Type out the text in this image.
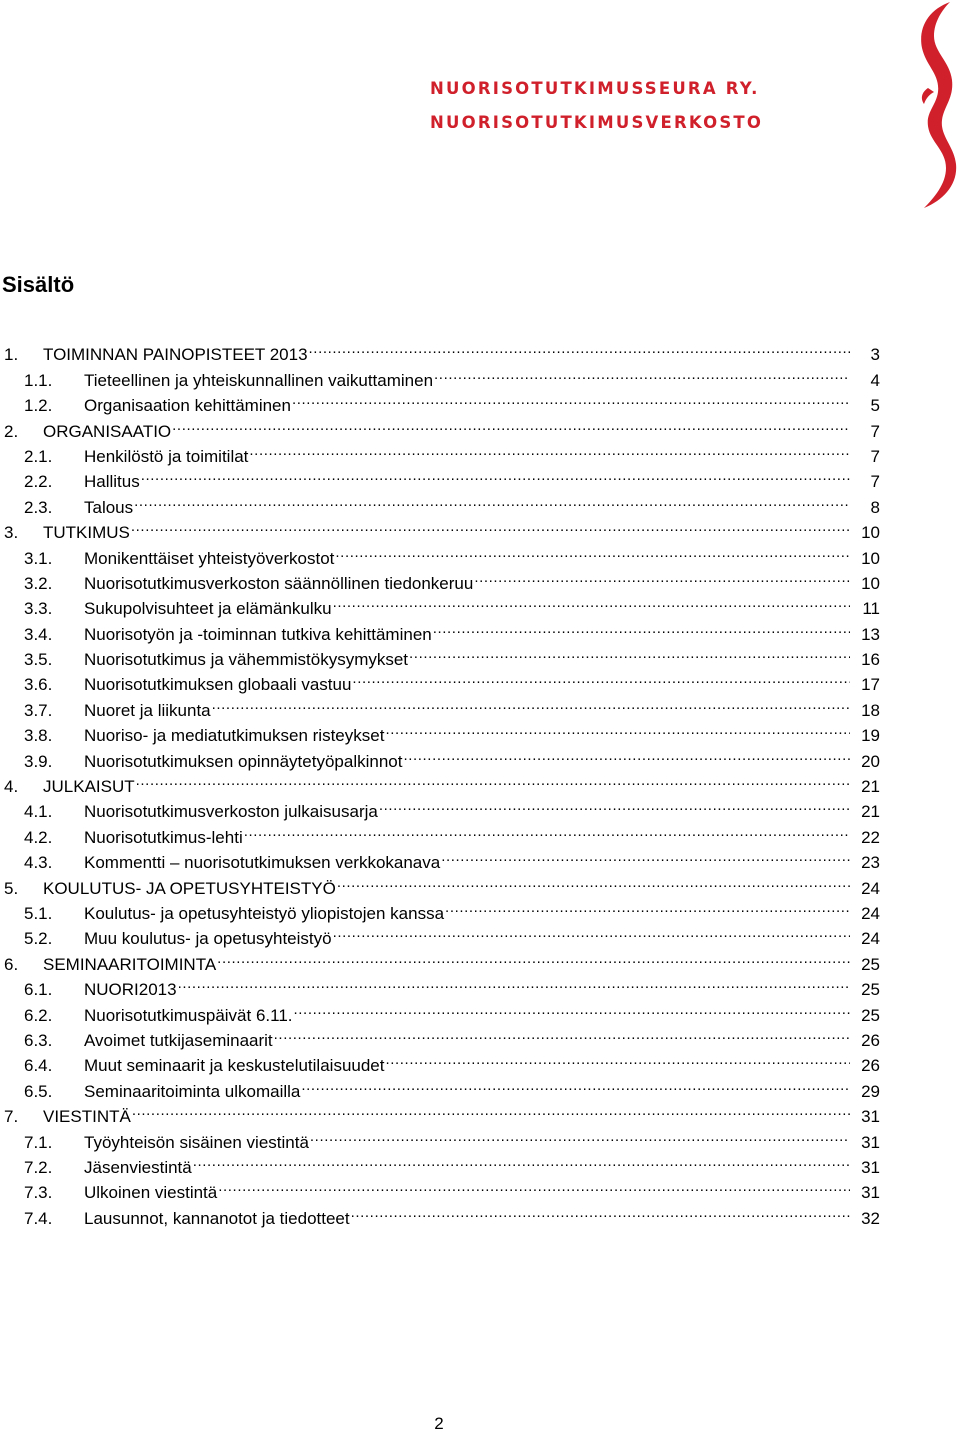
NUORISOTUTKIMUSSEURA RY.
NUORISOTUTKIMUSVERKOSTO
Sisältö
1.	TOIMINNAN PAINOPISTEET 2013 .....	3
1.1.	Tieteellinen ja yhteiskunnallinen vaikuttaminen .....	4
1.2.	Organisaation kehittäminen .....	5
2.	ORGANISAATIO .....	7
2.1.	Henkilöstö ja toimitilat .....	7
2.2.	Hallitus .....	7
2.3.	Talous .....	8
3.	TUTKIMUS .....	10
3.1.	Monikenttäiset yhteistyöverkostot .....	10
3.2.	Nuorisotutkimusverkoston säännöllinen tiedonkeruu .....	10
3.3.	Sukupolvisuhteet ja elämänkulku .....	11
3.4.	Nuorisotyön ja -toiminnan tutkiva kehittäminen .....	13
3.5.	Nuorisotutkimus ja vähemmistökysymykset .....	16
3.6.	Nuorisotutkimuksen globaali vastuu .....	17
3.7.	Nuoret ja liikunta .....	18
3.8.	Nuoriso- ja mediatutkimuksen risteykset .....	19
3.9.	Nuorisotutkimuksen opinnäytetyöpalkinnot .....	20
4.	JULKAISUT .....	21
4.1.	Nuorisotutkimusverkoston julkaisusarja .....	21
4.2.	Nuorisotutkimus-lehti .....	22
4.3.	Kommentti – nuorisotutkimuksen verkkokanava .....	23
5.	KOULUTUS- JA OPETUSYHTEISTYÖ .....	24
5.1.	Koulutus- ja opetusyhteistyö yliopistojen kanssa .....	24
5.2.	Muu koulutus- ja opetusyhteistyö .....	24
6.	SEMINAARITOIMINTA .....	25
6.1.	NUORI2013 .....	25
6.2.	Nuorisotutkimuspäivät 6.11. .....	25
6.3.	Avoimet tutkijaseminaarit .....	26
6.4.	Muut seminaarit ja keskustelutilaisuudet .....	26
6.5.	Seminaaritoiminta ulkomailla .....	29
7.	VIESTINTÄ .....	31
7.1.	Työyhteisön sisäinen viestintä .....	31
7.2.	Jäsenviestintä .....	31
7.3.	Ulkoinen viestintä .....	31
7.4.	Lausunnot, kannanotot ja tiedotteet .....	32
2
